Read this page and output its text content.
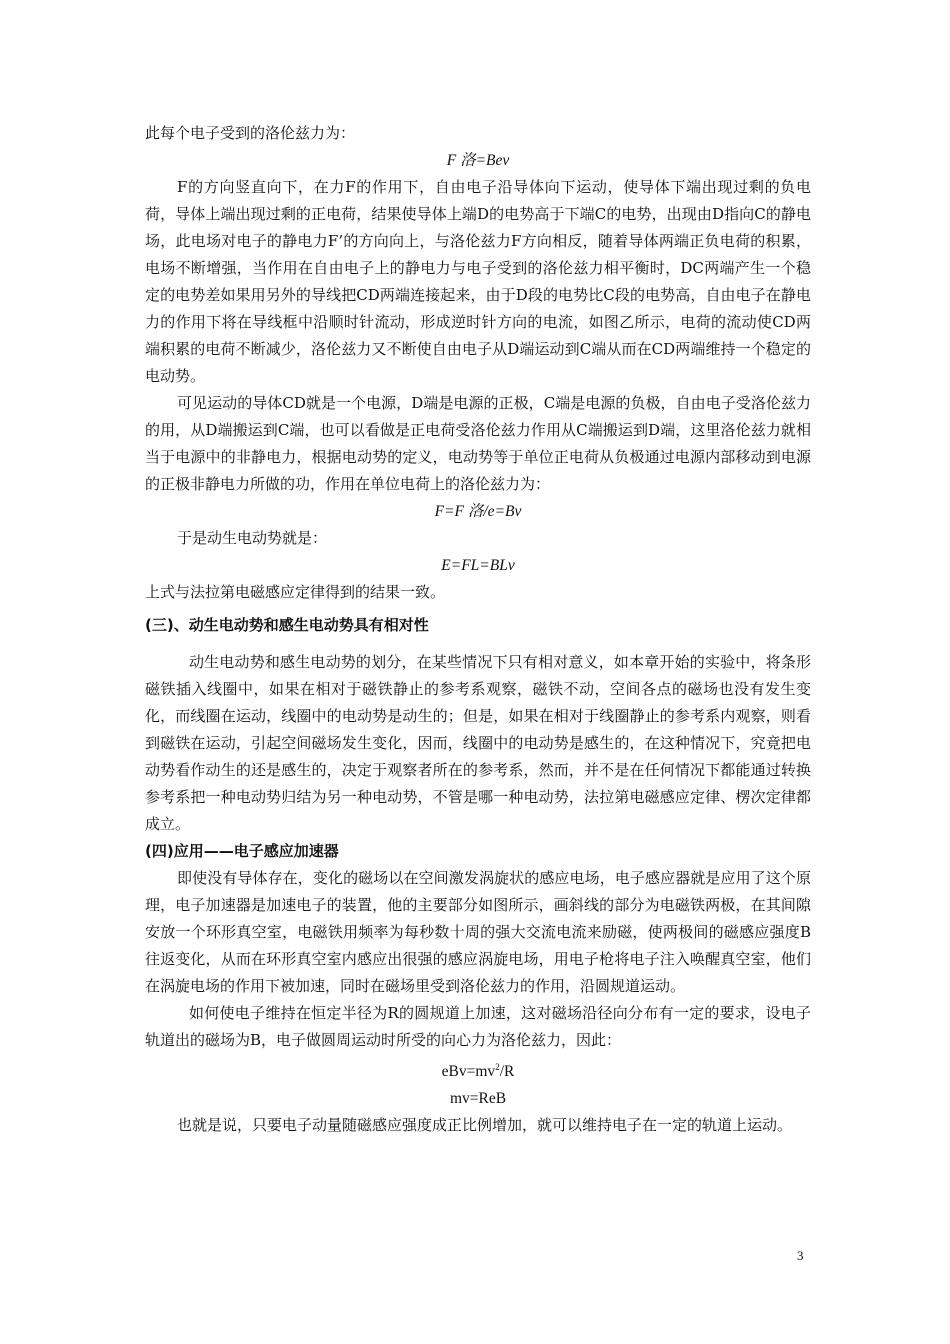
此每个电子受到的洛伦兹力为：

F 洛=Bev

F的方向竖直向下，在力F的作用下，自由电子沿导体向下运动，使导体下端出现过剩的负电荷，导体上端出现过剩的正电荷，结果使导体上端D的电势高于下端C的电势，出现由D指向C的静电场，此电场对电子的静电力F’的方向向上，与洛伦兹力F方向相反，随着导体两端正负电荷的积累，电场不断增强，当作用在自由电子上的静电力与电子受到的洛伦兹力相平衡时，DC两端产生一个稳定的电势差如果用另外的导线把CD两端连接起来，由于D段的电势比C段的电势高，自由电子在静电力的作用下将在导线框中沿顺时针流动，形成逆时针方向的电流，如图乙所示，电荷的流动使CD两端积累的电荷不断减少，洛伦兹力又不断使自由电子从D端运动到C端从而在CD两端维持一个稳定的电动势。

可见运动的导体CD就是一个电源，D端是电源的正极，C端是电源的负极，自由电子受洛伦兹力的用，从D端搬运到C端，也可以看做是正电荷受洛伦兹力作用从C端搬运到D端，这里洛伦兹力就相当于电源中的非静电力，根据电动势的定义，电动势等于单位正电荷从负极通过电源内部移动到电源的正极非静电力所做的功，作用在单位电荷上的洛伦兹力为：

F=F 洛/e=Bv

于是动生电动势就是：

E=FL=BLv

上式与法拉第电磁感应定律得到的结果一致。

(三)、动生电动势和感生电动势具有相对性

动生电动势和感生电动势的划分，在某些情况下只有相对意义，如本章开始的实验中，将条形磁铁插入线圈中，如果在相对于磁铁静止的参考系观察，磁铁不动，空间各点的磁场也没有发生变化，而线圈在运动，线圈中的电动势是动生的；但是，如果在相对于线圈静止的参考系内观察，则看到磁铁在运动，引起空间磁场发生变化，因而，线圈中的电动势是感生的，在这种情况下，究竟把电动势看作动生的还是感生的，决定于观察者所在的参考系，然而，并不是在任何情况下都能通过转换参考系把一种电动势归结为另一种电动势，不管是哪一种电动势，法拉第电磁感应定律、楞次定律都成立。

(四)应用——电子感应加速器

即使没有导体存在，变化的磁场以在空间激发涡旋状的感应电场，电子感应器就是应用了这个原理，电子加速器是加速电子的装置，他的主要部分如图所示，画斜线的部分为电磁铁两极，在其间隙安放一个环形真空室，电磁铁用频率为每秒数十周的强大交流电流来励磁，使两极间的磁感应强度B往返变化，从而在环形真空室内感应出很强的感应涡旋电场，用电子枪将电子注入唤醒真空室，他们在涡旋电场的作用下被加速，同时在磁场里受到洛伦兹力的作用，沿圆规道运动。

如何使电子维持在恒定半径为R的圆规道上加速，这对磁场沿径向分布有一定的要求，设电子轨道出的磁场为B，电子做圆周运动时所受的向心力为洛伦兹力，因此：

$eBv=mv^2/R$

mv=ReB

也就是说，只要电子动量随磁感应强度成正比例增加，就可以维持电子在一定的轨道上运动。

3
